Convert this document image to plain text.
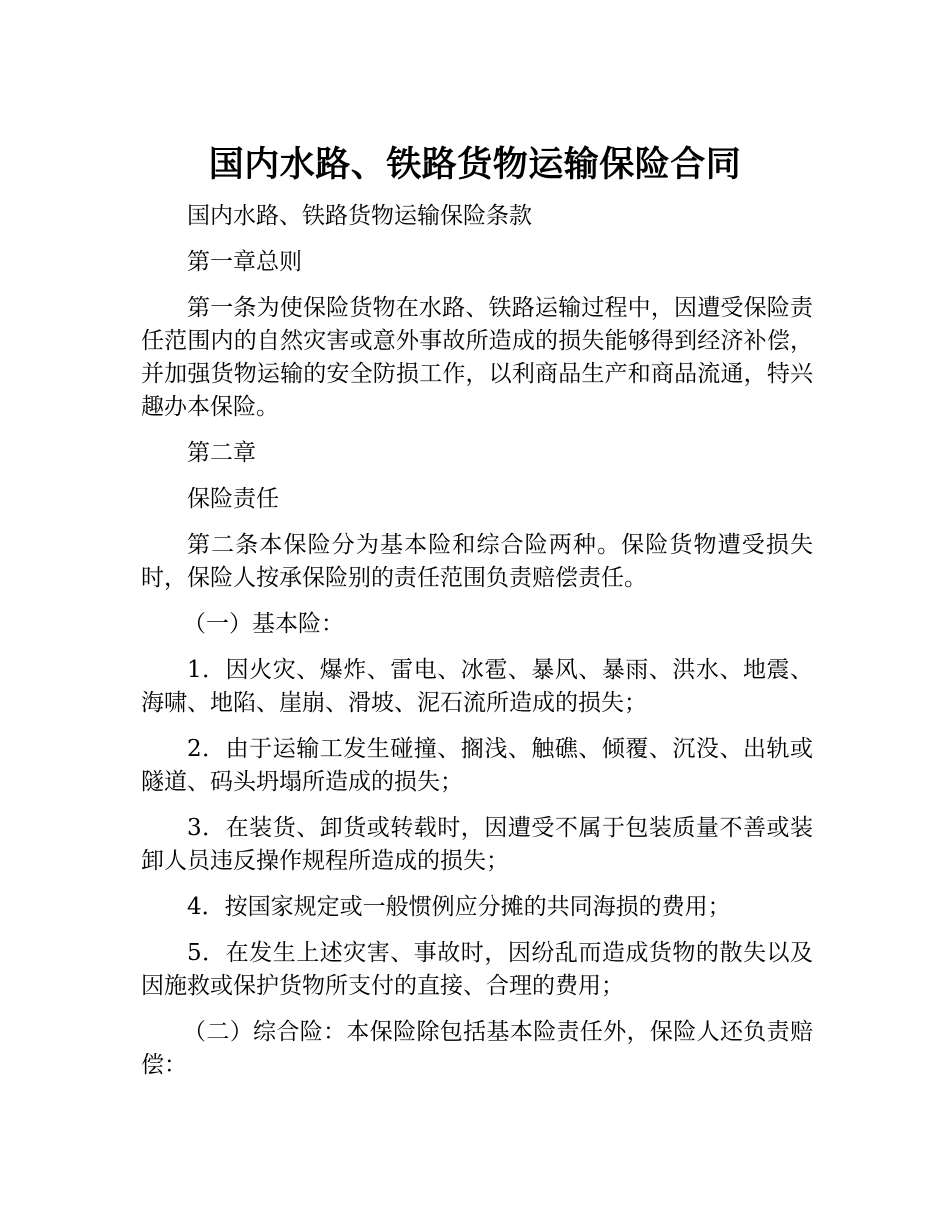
国内水路、铁路货物运输保险合同

国内水路、铁路货物运输保险条款

第一章总则

第一条为使保险货物在水路、铁路运输过程中，因遭受保险责任范围内的自然灾害或意外事故所造成的损失能够得到经济补偿，并加强货物运输的安全防损工作，以利商品生产和商品流通，特兴趣办本保险。

第二章

保险责任

第二条本保险分为基本险和综合险两种。保险货物遭受损失时，保险人按承保险别的责任范围负责赔偿责任。

（一）基本险：

1．因火灾、爆炸、雷电、冰雹、暴风、暴雨、洪水、地震、海啸、地陷、崖崩、滑坡、泥石流所造成的损失；

2．由于运输工发生碰撞、搁浅、触礁、倾覆、沉没、出轨或隧道、码头坍塌所造成的损失；

3．在装货、卸货或转载时，因遭受不属于包装质量不善或装卸人员违反操作规程所造成的损失；

4．按国家规定或一般惯例应分摊的共同海损的费用；

5．在发生上述灾害、事故时，因纷乱而造成货物的散失以及因施救或保护货物所支付的直接、合理的费用；

（二）综合险：本保险除包括基本险责任外，保险人还负责赔偿：
